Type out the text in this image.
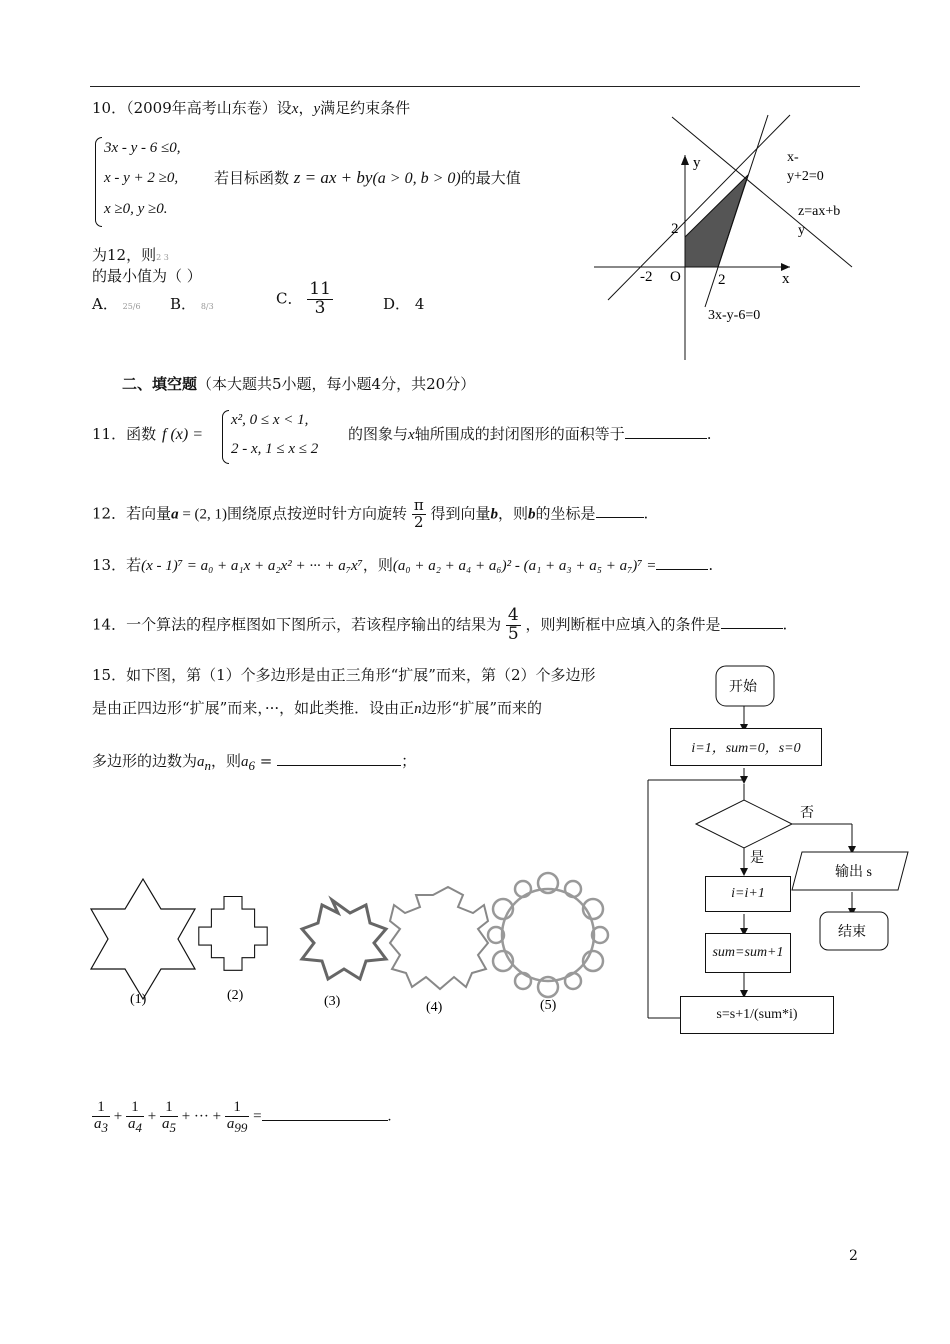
10．（2009年高考山东卷）设x，y满足约束条件
3x - y - 6 ≤0,
x - y + 2 ≥0,
x ≥0, y ≥0.
若目标函数 z = ax + by(a > 0, b > 0)的最大值
为12，则2 3
的最小值为（ ）
A． 25/6 B． 8/3	C． $\frac{11}{3}$	D． 4
y
x
O
2
-2	2
x-
y+2=0
z=ax+b
y
3x-y-6=0
二、填空题（本大题共5小题，每小题4分，共20分）
11．函数 f (x) =
x², 0 ≤ x < 1,
2 - x, 1 ≤ x ≤ 2
的图象与x轴所围成的封闭图形的面积等于	.
12．若向量a = (2, 1)围绕原点按逆时针方向旋转 $\frac{\pi}{2}$ 得到向量b，则b的坐标是	.
13．若(x - 1)⁷ = a₀ + a₁x + a₂x² + ··· + a₇x⁷，则(a₀ + a₂ + a₄ + a₆)² - (a₁ + a₃ + a₅ + a₇)⁷ =	.
14．一个算法的程序框图如下图所示，若该程序输出的结果为 $\frac{4}{5}$ ，则判断框中应填入的条件是	.
15．如下图，第（1）个多边形是由正三角形“扩展”而来，第（2）个多边形
是由正四边形“扩展”而来，···，如此类推．设由正n边形“扩展”而来的
多边形的边数为$a_n$，则$a_6$ =	；
(1)	(2)	(3)	(4)	(5)
$\frac{1}{a_3} + \frac{1}{a_4} + \frac{1}{a_5}$ + ··· + $\frac{1}{a_{99}}$ =	.
否
是
输出 s
结束
开始
i=1，sum=0，s=0
i=i+1
sum=sum+1
s=s+1/(sum*i)
2
